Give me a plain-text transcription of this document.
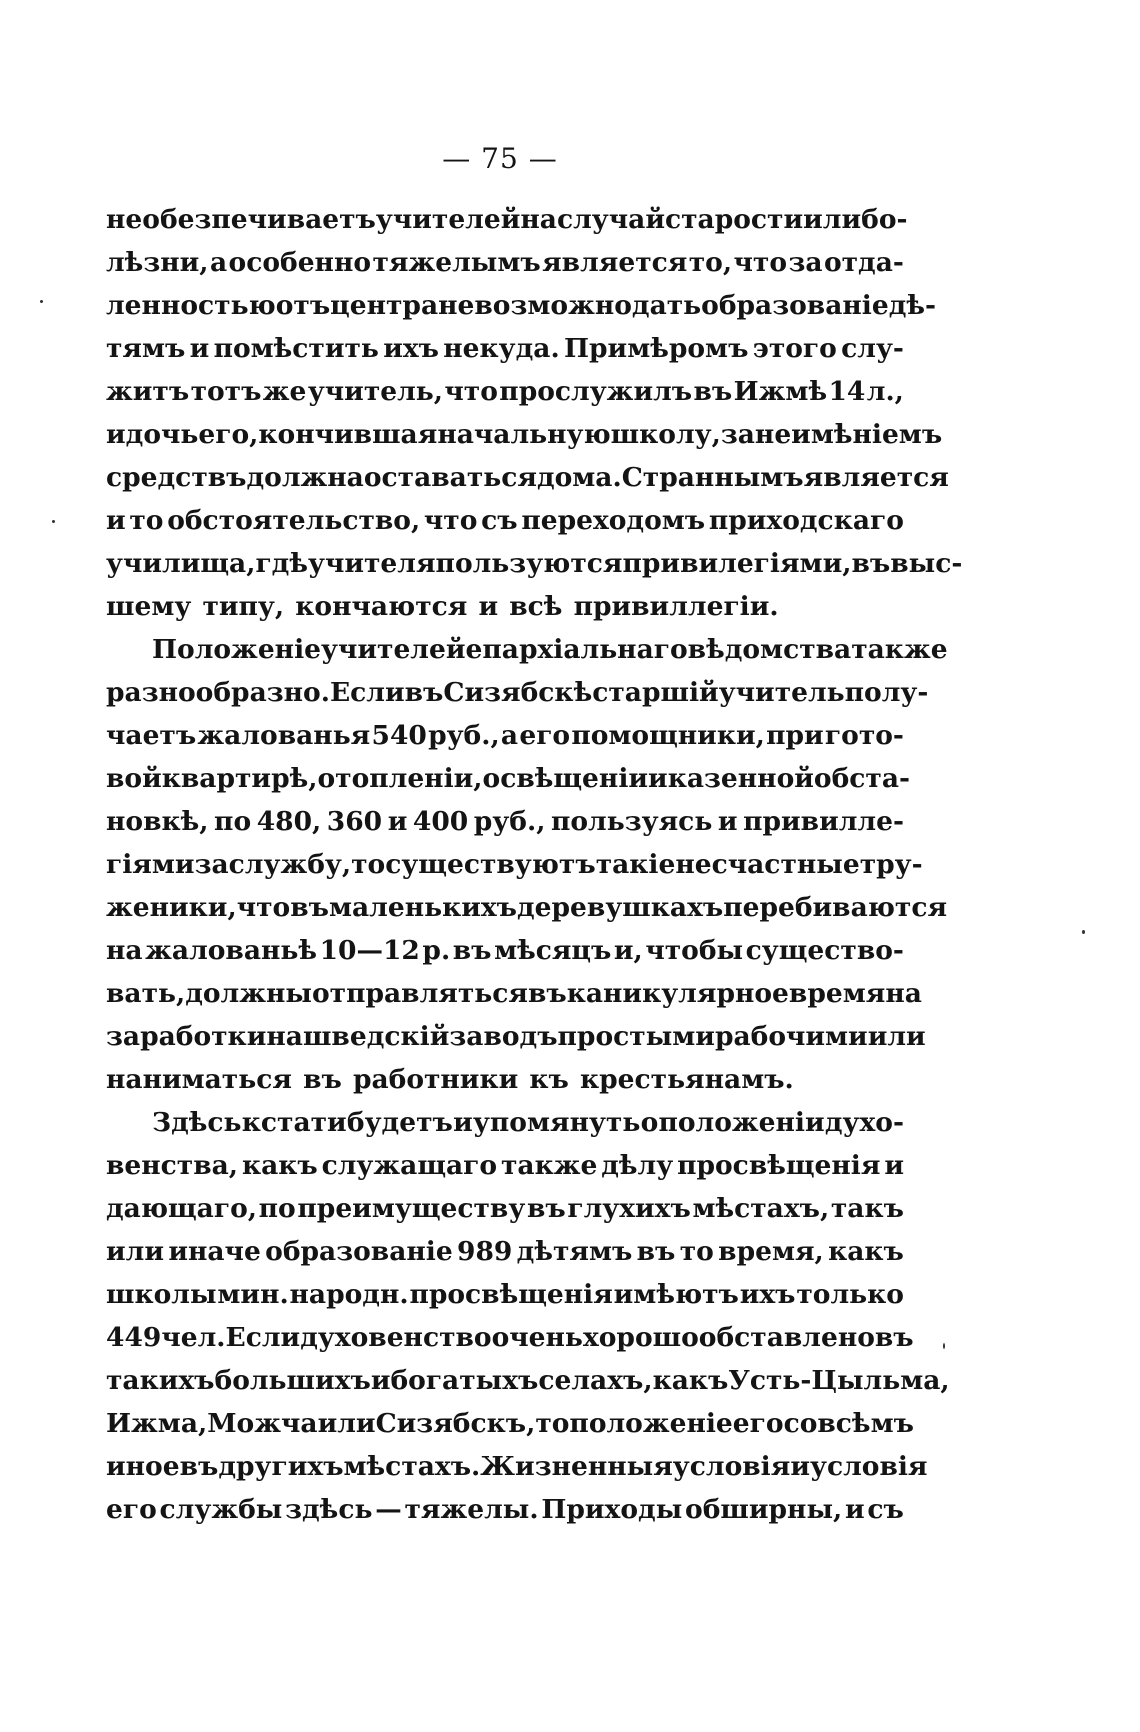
— 75 —
не обезпечиваетъ учителей на случай старости или бо-
лѣзни, а особенно тяжелымъ является то, что за отда-
ленностью отъ центра невозможно дать образованіе дѣ-
тямъ и помѣстить ихъ некуда. Примѣромъ этого слу-
житъ тотъ же учитель, что прослужилъ въ Ижмѣ 14 л.,
и дочь его, кончившая начальную школу, за неимѣніемъ
средствъ должна оставаться дома. Страннымъ является
и то обстоятельство, что съ переходомъ приходскаго
училища, гдѣ учителя пользуются привилегіями, въ выс-
шему типу, кончаются и всѣ привиллегіи.
Положеніе учителей епархіальнаго вѣдомства также
разнообразно. Если въ Сизябскѣ старшій учитель полу-
чаетъ жалованья 540 руб., а его помощники, при гото-
вой квартирѣ, отопленіи, освѣщеніи и казенной обста-
новкѣ, по 480, 360 и 400 руб., пользуясь и привилле-
гіями за службу, то существуютъ такіе несчастные тру-
женики, что въ маленькихъ деревушкахъ перебиваются
на жалованьѣ 10—12 р. въ мѣсяцъ и, чтобы существо-
вать, должны отправляться въ каникулярное время на
заработки на шведскій заводъ простыми рабочими или
наниматься въ работники къ крестьянамъ.
Здѣсь кстати будетъ и упомянуть о положеніи духо-
венства, какъ служащаго также дѣлу просвѣщенія и
дающаго, по преимуществу въ глухихъ мѣстахъ, такъ
или иначе образованіе 989 дѣтямъ въ то время, какъ
школы мин. народн. просвѣщенія имѣютъ ихъ только
449 чел. Если духовенство очень хорошо обставлено въ
такихъ большихъ и богатыхъ селахъ, какъ Усть-Цыльма,
Ижма, Можча или Сизябскъ, то положеніе его совсѣмъ
иное въ другихъ мѣстахъ. Жизненныя условія и условія
его службы здѣсь — тяжелы. Приходы обширны, и съ
